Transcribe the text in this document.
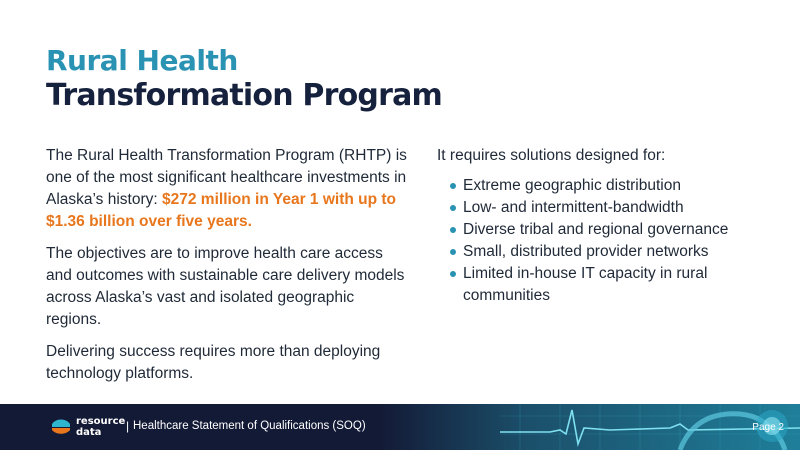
Rural Health
Transformation Program

The Rural Health Transformation Program (RHTP) is one of the most significant healthcare investments in Alaska’s history: $272 million in Year 1 with up to $1.36 billion over five years.

The objectives are to improve health care access and outcomes with sustainable care delivery models across Alaska’s vast and isolated geographic regions.

Delivering success requires more than deploying technology platforms.

It requires solutions designed for:

Extreme geographic distribution
Low- and intermittent-bandwidth
Diverse tribal and regional governance
Small, distributed provider networks
Limited in-house IT capacity in rural communities
resource
data	| Healthcare Statement of Qualifications (SOQ)	Page 2
